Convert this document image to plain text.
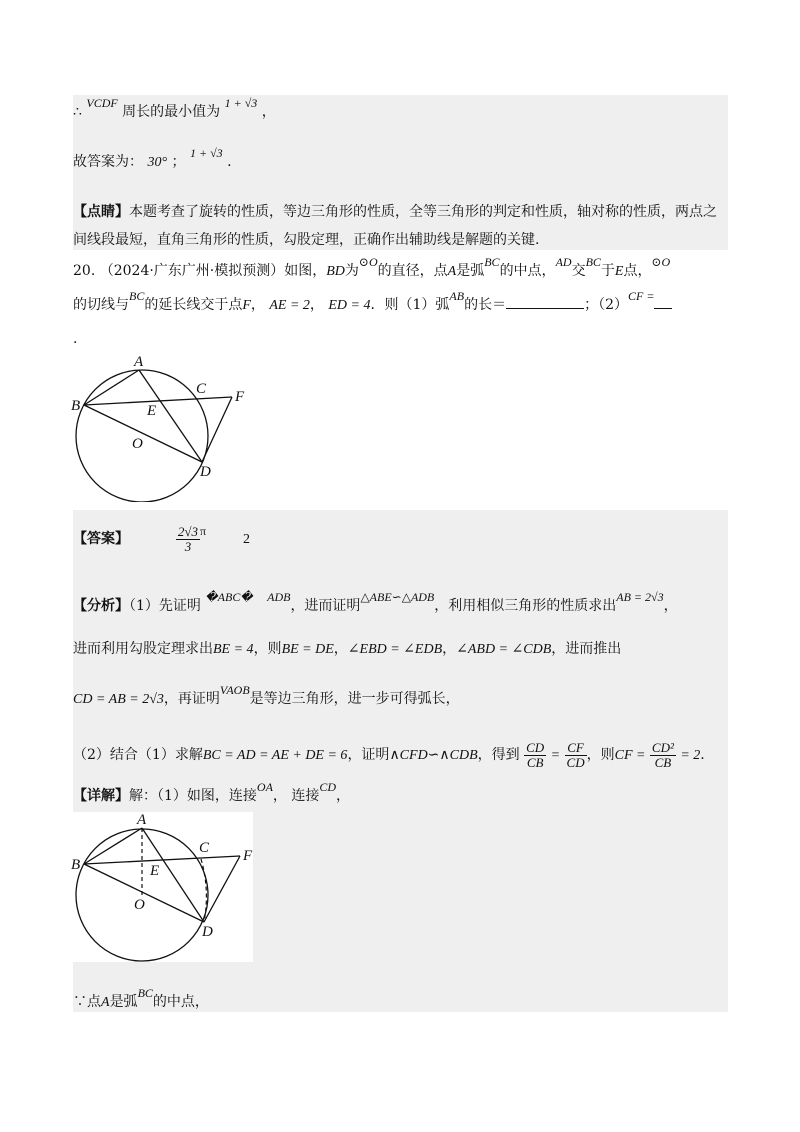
∴ VCDF 周长的最小值为 1 + √3 ，
故答案为： 30° ； 1 + √3 .
【点睛】本题考查了旋转的性质，等边三角形的性质，全等三角形的判定和性质，轴对称的性质，两点之
间线段最短，直角三角形的性质，勾股定理，正确作出辅助线是解题的关键.
20. （2024·广东广州·模拟预测）如图，BD为⊙O的直径，点A是弧BC的中点，AD交BC于E点，⊙O
的切线与BC的延长线交于点F， AE = 2， ED = 4．则（1）弧AB的长＝	；（2）CF =
.
A
B
C
E
F
O
D
【答案】	$\frac{2√3}{3}$ π  2
【分析】（1）先证明 �ABC� ADB，进而证明△ABE∽△ADB，利用相似三角形的性质求出AB = 2√3，
进而利用勾股定理求出BE = 4，则BE = DE，∠EBD = ∠EDB，∠ABD = ∠CDB，进而推出
CD = AB = 2√3，再证明VAOB是等边三角形，进一步可得弧长，
（2）结合（1）求解BC = AD = AE + DE = 6，证明∧CFD∽∧CDB，得到 $\frac{CD}{CB} = \frac{CF}{CD}$ ，则CF = $\frac{\text{CD²}}{CB} = 2$.
【详解】解：（1）如图，连接OA， 连接CD，
A
B
C
E
F
O
D
∵点A是弧BC的中点，
